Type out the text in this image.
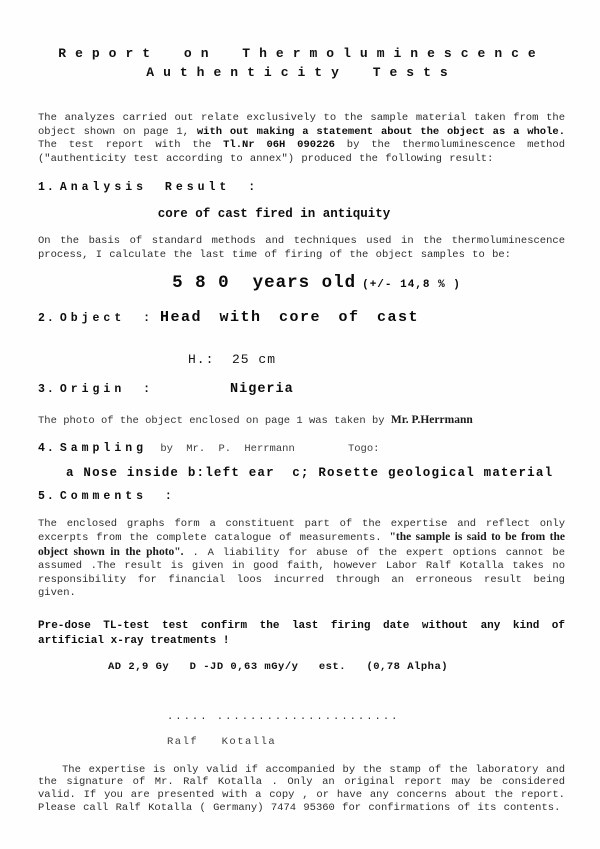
Report on Thermoluminescence
Authenticity Tests

The analyzes carried out relate exclusively to the sample material taken from the object shown on page 1, with out making a statement about the object as a whole. The test report with the Tl.Nr 06H 090226 by the thermoluminescence method ("authenticity test according to annex") produced the following result:

1. Analysis Result :
core of cast fired in antiquity

On the basis of standard methods and techniques used in the thermoluminescence process, I calculate the last time of firing of the object samples to be:

5 8 0  years old (+/- 14,8 % )
2. Object : Head with core of cast
H.:  25 cm
3. Origin :	Nigeria
The photo of the object enclosed on page 1 was taken by Mr. P.Herrmann
4. Sampling by Mr. P. Herrmann    Togo:
a Nose inside b:left ear  c; Rosette geological material
5. Comments :

The enclosed graphs form a constituent part of the expertise and reflect only excerpts from the complete catalogue of measurements. "the sample is said to be from the object shown in the photo". . A liability for abuse of the expert options cannot be assumed .The result is given in good faith, however Labor Ralf Kotalla takes no responsibility for financial loos incurred through an erroneous result being given.

Pre-dose TL-test test confirm the last firing date without any kind of artificial x-ray treatments !

AD 2,9 Gy   D -JD 0,63 mGy/y   est.   (0,78 Alpha)
..... ......................
Ralf   Kotalla

The expertise is only valid if accompanied by the stamp of the laboratory and the signature of Mr. Ralf Kotalla . Only an original report may be considered valid. If you are presented with a copy , or have any concerns about the report. Please call Ralf Kotalla ( Germany) 7474 95360 for confirmations of its contents.
